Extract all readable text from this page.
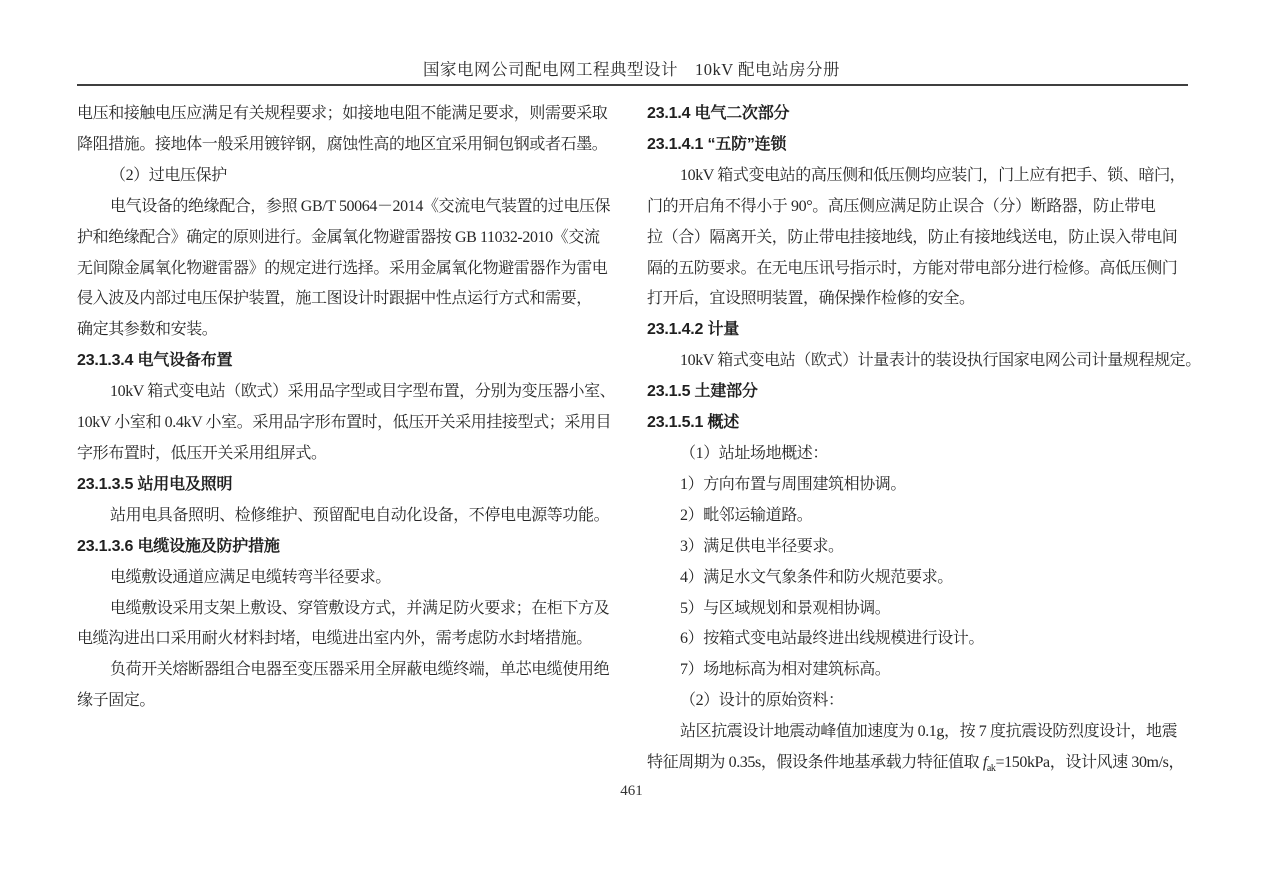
国家电网公司配电网工程典型设计　10kV 配电站房分册
电压和接触电压应满足有关规程要求；如接地电阻不能满足要求，则需要采取
降阻措施。接地体一般采用镀锌钢，腐蚀性高的地区宜采用铜包钢或者石墨。
（2）过电压保护
电气设备的绝缘配合，参照 GB/T 50064－2014《交流电气装置的过电压保
护和绝缘配合》确定的原则进行。金属氧化物避雷器按 GB 11032-2010《交流
无间隙金属氧化物避雷器》的规定进行选择。采用金属氧化物避雷器作为雷电
侵入波及内部过电压保护装置，施工图设计时跟据中性点运行方式和需要，
确定其参数和安装。
23.1.3.4 电气设备布置
10kV 箱式变电站（欧式）采用品字型或目字型布置，分别为变压器小室、
10kV 小室和 0.4kV 小室。采用品字形布置时，低压开关采用挂接型式；采用目
字形布置时，低压开关采用组屏式。
23.1.3.5 站用电及照明
站用电具备照明、检修维护、预留配电自动化设备，不停电电源等功能。
23.1.3.6 电缆设施及防护措施
电缆敷设通道应满足电缆转弯半径要求。
电缆敷设采用支架上敷设、穿管敷设方式，并满足防火要求；在柜下方及
电缆沟进出口采用耐火材料封堵，电缆进出室内外，需考虑防水封堵措施。
负荷开关熔断器组合电器至变压器采用全屏蔽电缆终端，单芯电缆使用绝
缘子固定。
23.1.4 电气二次部分
23.1.4.1 “五防”连锁
10kV 箱式变电站的高压侧和低压侧均应装门，门上应有把手、锁、暗闩，
门的开启角不得小于 90°。高压侧应满足防止误合（分）断路器，防止带电
拉（合）隔离开关，防止带电挂接地线，防止有接地线送电，防止误入带电间
隔的五防要求。在无电压讯号指示时，方能对带电部分进行检修。高低压侧门
打开后，宜设照明装置，确保操作检修的安全。
23.1.4.2 计量
10kV 箱式变电站（欧式）计量表计的装设执行国家电网公司计量规程规定。
23.1.5 土建部分
23.1.5.1 概述
（1）站址场地概述：
1）方向布置与周围建筑相协调。
2）毗邻运输道路。
3）满足供电半径要求。
4）满足水文气象条件和防火规范要求。
5）与区域规划和景观相协调。
6）按箱式变电站最终进出线规模进行设计。
7）场地标高为相对建筑标高。
（2）设计的原始资料：
站区抗震设计地震动峰值加速度为 0.1g，按 7 度抗震设防烈度设计，地震
特征周期为 0.35s，假设条件地基承载力特征值取 $f_{ak}=150kPa$，设计风速 30m/s，
461
